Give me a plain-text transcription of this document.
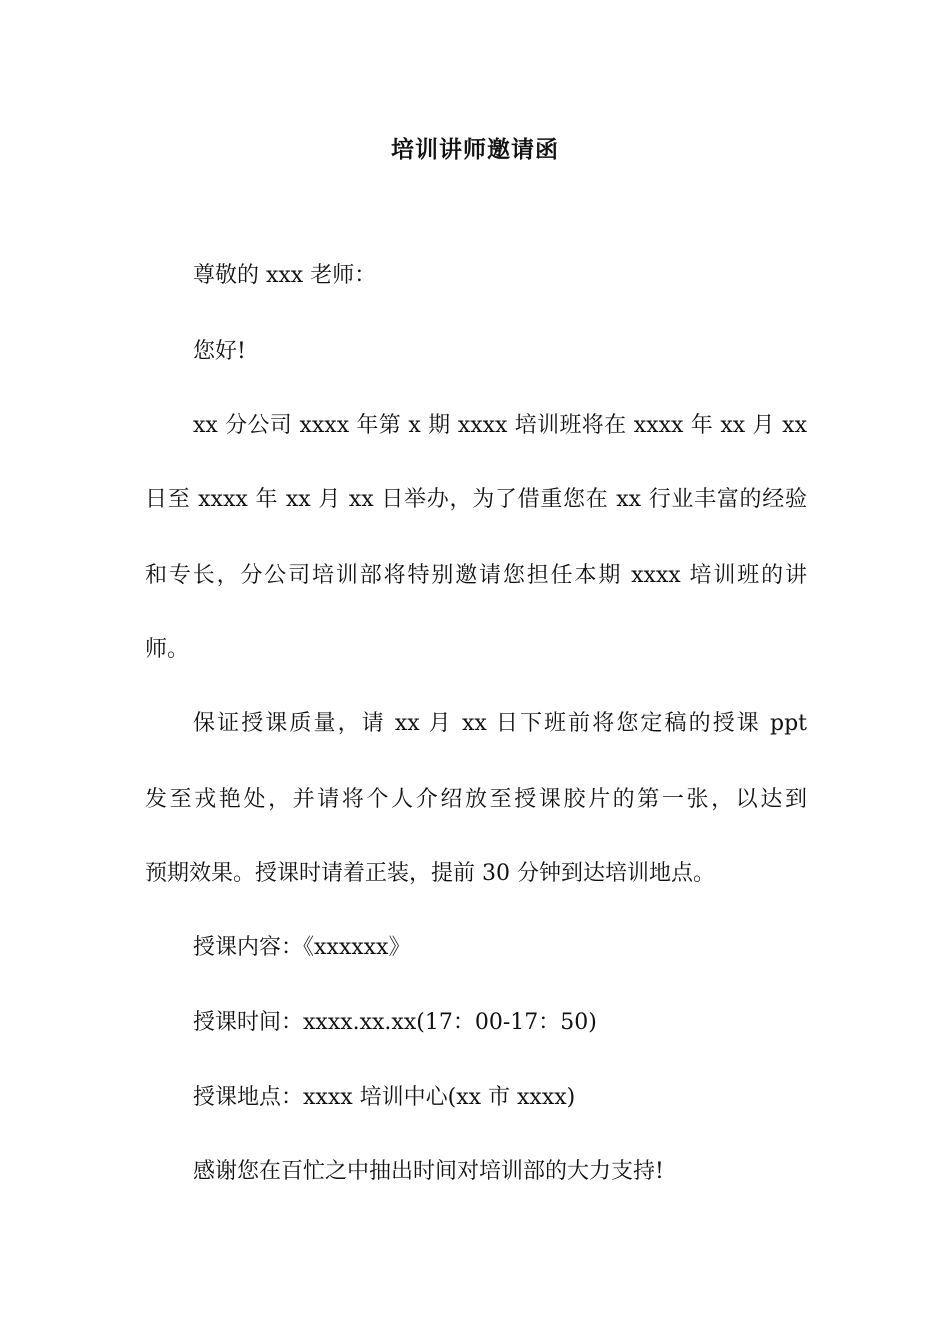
培训讲师邀请函
尊敬的 xxx 老师：
您好!
xx 分公司 xxxx 年第 x 期 xxxx 培训班将在 xxxx 年 xx 月 xx
日至 xxxx 年 xx 月 xx 日举办，为了借重您在 xx 行业丰富的经验
和专长，分公司培训部将特别邀请您担任本期 xxxx 培训班的讲
师。
保证授课质量，请 xx 月 xx 日下班前将您定稿的授课 ppt
发至戎艳处，并请将个人介绍放至授课胶片的第一张，以达到
预期效果。授课时请着正装，提前 30 分钟到达培训地点。
授课内容：《xxxxxx》
授课时间：xxxx.xx.xx(17：00-17：50)
授课地点：xxxx 培训中心(xx 市 xxxx)
感谢您在百忙之中抽出时间对培训部的大力支持!
